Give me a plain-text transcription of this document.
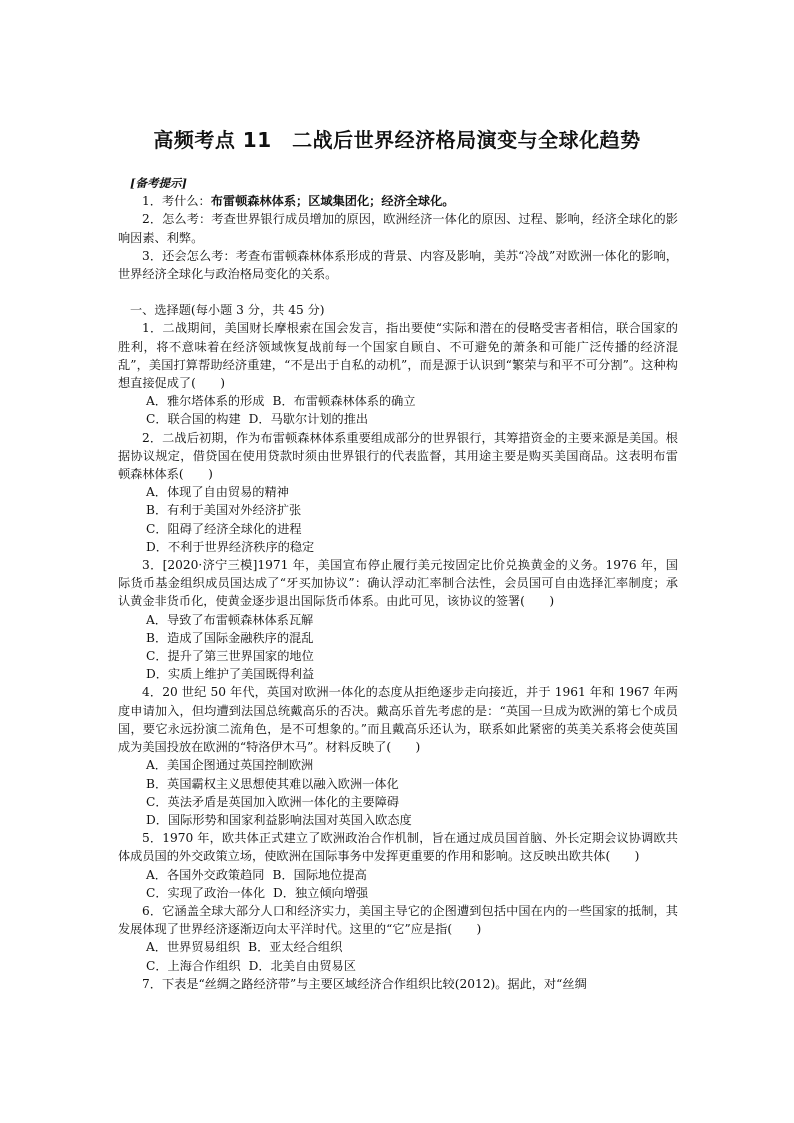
高频考点 11　二战后世界经济格局演变与全球化趋势

[备考提示]

1．考什么：布雷顿森林体系；区域集团化；经济全球化。

2．怎么考：考查世界银行成员增加的原因，欧洲经济一体化的原因、过程、影响，经济全球化的影响因素、利弊。

3．还会怎么考：考查布雷顿森林体系形成的背景、内容及影响，美苏“冷战”对欧洲一体化的影响，世界经济全球化与政治格局变化的关系。

一、选择题(每小题 3 分，共 45 分)

1．二战期间，美国财长摩根索在国会发言，指出要使“实际和潜在的侵略受害者相信，联合国家的胜利，将不意味着在经济领域恢复战前每一个国家自顾自、不可避免的萧条和可能广泛传播的经济混乱”，美国打算帮助经济重建，“不是出于自私的动机”，而是源于认识到“繁荣与和平不可分割”。这种构想直接促成了(　　)

A．雅尔塔体系的形成 B．布雷顿森林体系的确立

C．联合国的构建 D．马歇尔计划的推出

2．二战后初期，作为布雷顿森林体系重要组成部分的世界银行，其筹措资金的主要来源是美国。根据协议规定，借贷国在使用贷款时须由世界银行的代表监督，其用途主要是购买美国商品。这表明布雷顿森林体系(　　)

A．体现了自由贸易的精神

B．有利于美国对外经济扩张

C．阻碍了经济全球化的进程

D．不利于世界经济秩序的稳定

3．[2020·济宁三模]1971 年，美国宣布停止履行美元按固定比价兑换黄金的义务。1976 年，国际货币基金组织成员国达成了“牙买加协议”：确认浮动汇率制合法性，会员国可自由选择汇率制度；承认黄金非货币化，使黄金逐步退出国际货币体系。由此可见，该协议的签署(　　)

A．导致了布雷顿森林体系瓦解

B．造成了国际金融秩序的混乱

C．提升了第三世界国家的地位

D．实质上维护了美国既得利益

4．20 世纪 50 年代，英国对欧洲一体化的态度从拒绝逐步走向接近，并于 1961 年和 1967 年两度申请加入，但均遭到法国总统戴高乐的否决。戴高乐首先考虑的是：“英国一旦成为欧洲的第七个成员国，要它永远扮演二流角色，是不可想象的。”而且戴高乐还认为，联系如此紧密的英美关系将会使英国成为美国投放在欧洲的“特洛伊木马”。材料反映了(　　)

A．美国企图通过英国控制欧洲

B．英国霸权主义思想使其难以融入欧洲一体化

C．英法矛盾是英国加入欧洲一体化的主要障碍

D．国际形势和国家利益影响法国对英国入欧态度

5．1970 年，欧共体正式建立了欧洲政治合作机制，旨在通过成员国首脑、外长定期会议协调欧共体成员国的外交政策立场，使欧洲在国际事务中发挥更重要的作用和影响。这反映出欧共体(　　)

A．各国外交政策趋同 B．国际地位提高

C．实现了政治一体化 D．独立倾向增强

6．它涵盖全球大部分人口和经济实力，美国主导它的企图遭到包括中国在内的一些国家的抵制，其发展体现了世界经济逐渐迈向太平洋时代。这里的“它”应是指(　　)

A．世界贸易组织 B．亚太经合组织

C．上海合作组织 D．北美自由贸易区

7．下表是“丝绸之路经济带”与主要区域经济合作组织比较(2012)。据此，对“丝绸
